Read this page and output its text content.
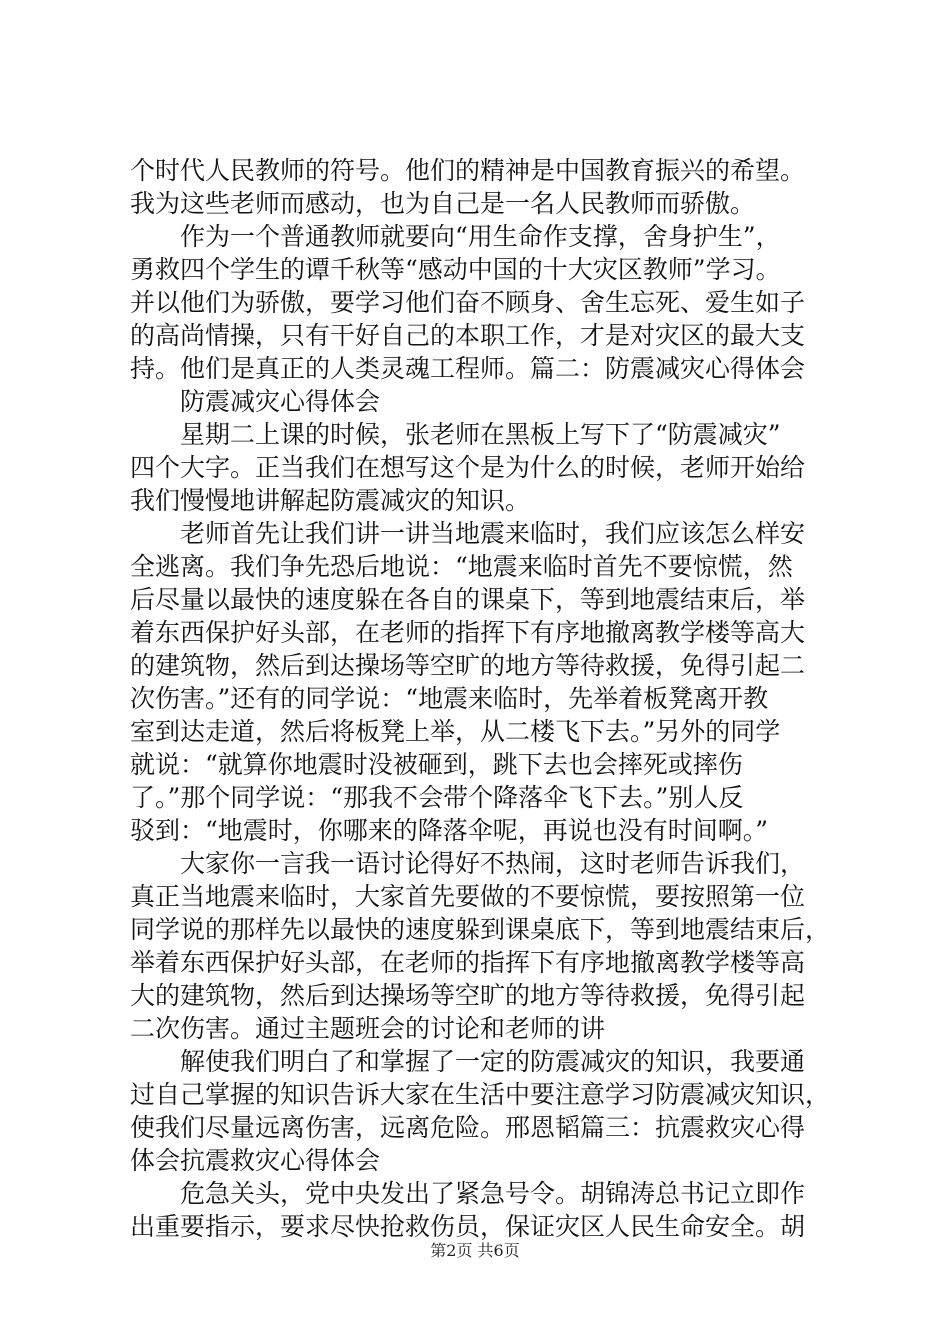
个时代人民教师的符号。他们的精神是中国教育振兴的希望。
我为这些老师而感动，也为自己是一名人民教师而骄傲。
作为一个普通教师就要向“用生命作支撑，舍身护生”，
勇救四个学生的谭千秋等“感动中国的十大灾区教师”学习。
并以他们为骄傲，要学习他们奋不顾身、舍生忘死、爱生如子
的高尚情操，只有干好自己的本职工作，才是对灾区的最大支
持。他们是真正的人类灵魂工程师。篇二：防震减灾心得体会
防震减灾心得体会
星期二上课的时候，张老师在黑板上写下了“防震减灾”
四个大字。正当我们在想写这个是为什么的时候，老师开始给
我们慢慢地讲解起防震减灾的知识。
老师首先让我们讲一讲当地震来临时，我们应该怎么样安
全逃离。我们争先恐后地说：“地震来临时首先不要惊慌，然
后尽量以最快的速度躲在各自的课桌下，等到地震结束后，举
着东西保护好头部，在老师的指挥下有序地撤离教学楼等高大
的建筑物，然后到达操场等空旷的地方等待救援，免得引起二
次伤害。”还有的同学说：“地震来临时，先举着板凳离开教
室到达走道，然后将板凳上举，从二楼飞下去。”另外的同学
就说：“就算你地震时没被砸到，跳下去也会摔死或摔伤
了。”那个同学说：“那我不会带个降落伞飞下去。”别人反
驳到：“地震时，你哪来的降落伞呢，再说也没有时间啊。”
大家你一言我一语讨论得好不热闹，这时老师告诉我们，
真正当地震来临时，大家首先要做的不要惊慌，要按照第一位
同学说的那样先以最快的速度躲到课桌底下，等到地震结束后，
举着东西保护好头部，在老师的指挥下有序地撤离教学楼等高
大的建筑物，然后到达操场等空旷的地方等待救援，免得引起
二次伤害。通过主题班会的讨论和老师的讲
解使我们明白了和掌握了一定的防震减灾的知识，我要通
过自己掌握的知识告诉大家在生活中要注意学习防震减灾知识，
使我们尽量远离伤害，远离危险。邢恩韬篇三：抗震救灾心得
体会抗震救灾心得体会
危急关头，党中央发出了紧急号令。胡锦涛总书记立即作
出重要指示，要求尽快抢救伤员，保证灾区人民生命安全。胡
第2页 共6页
